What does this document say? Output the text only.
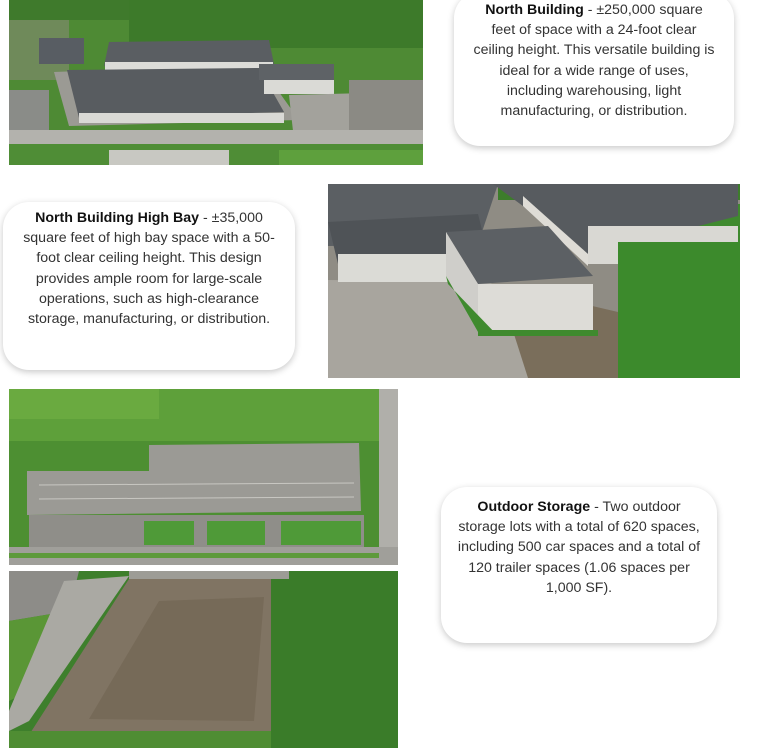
North Building - ±250,000 square feet of space with a 24-foot clear ceiling height. This versatile building is ideal for a wide range of uses, including warehousing, light manufacturing, or distribution.
North Building High Bay - ±35,000 square feet of high bay space with a 50-foot clear ceiling height. This design provides ample room for large-scale operations, such as high-clearance storage, manufacturing, or distribution.
Outdoor Storage - Two outdoor storage lots with a total of 620 spaces, including 500 car spaces and a total of 120 trailer spaces (1.06 spaces per 1,000 SF).
